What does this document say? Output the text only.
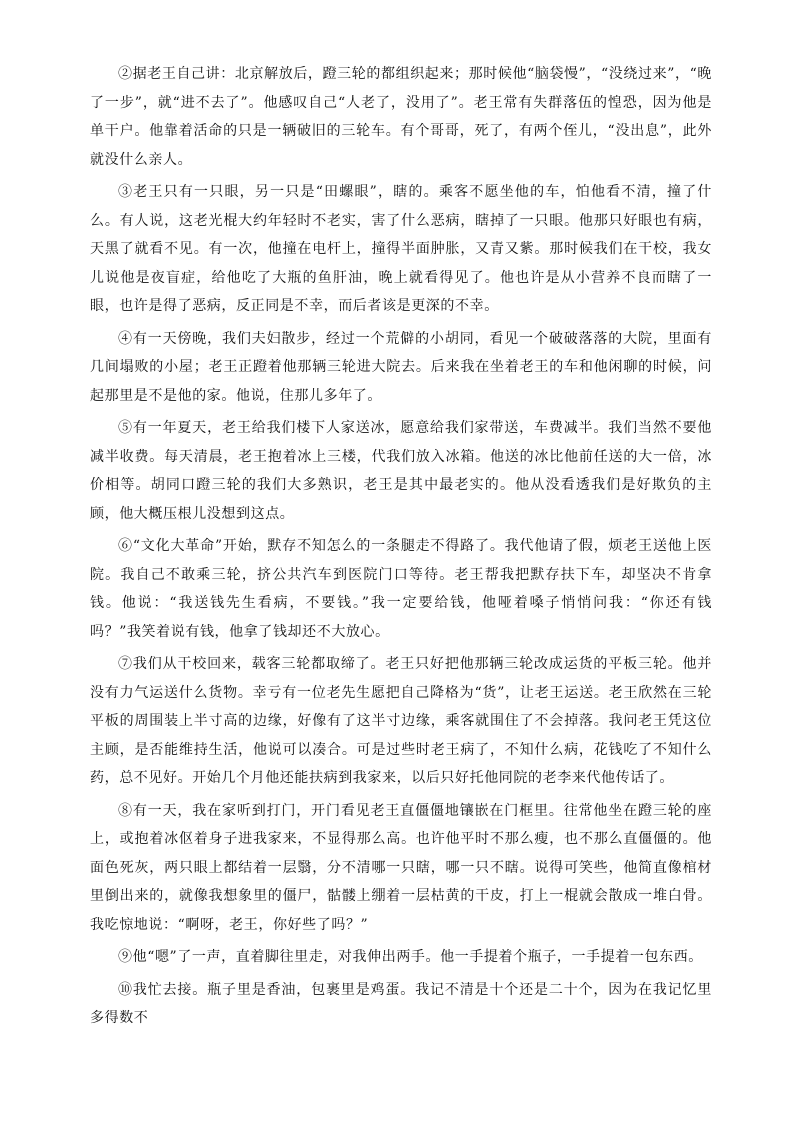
②据老王自己讲：北京解放后，蹬三轮的都组织起来；那时候他“脑袋慢”，“没绕过来”，“晚了一步”，就“进不去了”。他感叹自己“人老了，没用了”。老王常有失群落伍的惶恐，因为他是单干户。他靠着活命的只是一辆破旧的三轮车。有个哥哥，死了，有两个侄儿，“没出息”，此外就没什么亲人。

③老王只有一只眼，另一只是“田螺眼”，瞎的。乘客不愿坐他的车，怕他看不清，撞了什么。有人说，这老光棍大约年轻时不老实，害了什么恶病，瞎掉了一只眼。他那只好眼也有病，天黑了就看不见。有一次，他撞在电杆上，撞得半面肿胀，又青又紫。那时候我们在干校，我女儿说他是夜盲症，给他吃了大瓶的鱼肝油，晚上就看得见了。他也许是从小营养不良而瞎了一眼，也许是得了恶病，反正同是不幸，而后者该是更深的不幸。

④有一天傍晚，我们夫妇散步，经过一个荒僻的小胡同，看见一个破破落落的大院，里面有几间塌败的小屋；老王正蹬着他那辆三轮进大院去。后来我在坐着老王的车和他闲聊的时候，问起那里是不是他的家。他说，住那儿多年了。

⑤有一年夏天，老王给我们楼下人家送冰，愿意给我们家带送，车费减半。我们当然不要他减半收费。每天清晨，老王抱着冰上三楼，代我们放入冰箱。他送的冰比他前任送的大一倍，冰价相等。胡同口蹬三轮的我们大多熟识，老王是其中最老实的。他从没看透我们是好欺负的主顾，他大概压根儿没想到这点。

⑥“文化大革命”开始，默存不知怎么的一条腿走不得路了。我代他请了假，烦老王送他上医院。我自己不敢乘三轮，挤公共汽车到医院门口等待。老王帮我把默存扶下车，却坚决不肯拿钱。他说：“我送钱先生看病，不要钱。”我一定要给钱，他哑着嗓子悄悄问我：“你还有钱吗？”我笑着说有钱，他拿了钱却还不大放心。

⑦我们从干校回来，载客三轮都取缔了。老王只好把他那辆三轮改成运货的平板三轮。他并没有力气运送什么货物。幸亏有一位老先生愿把自己降格为“货”，让老王运送。老王欣然在三轮平板的周围装上半寸高的边缘，好像有了这半寸边缘，乘客就围住了不会掉落。我问老王凭这位主顾，是否能维持生活，他说可以凑合。可是过些时老王病了，不知什么病，花钱吃了不知什么药，总不见好。开始几个月他还能扶病到我家来，以后只好托他同院的老李来代他传话了。

⑧有一天，我在家听到打门，开门看见老王直僵僵地镶嵌在门框里。往常他坐在蹬三轮的座上，或抱着冰伛着身子进我家来，不显得那么高。也许他平时不那么瘦，也不那么直僵僵的。他面色死灰，两只眼上都结着一层翳，分不清哪一只瞎，哪一只不瞎。说得可笑些，他简直像棺材里倒出来的，就像我想象里的僵尸，骷髅上绷着一层枯黄的干皮，打上一棍就会散成一堆白骨。我吃惊地说：“啊呀，老王，你好些了吗？”

⑨他“嗯”了一声，直着脚往里走，对我伸出两手。他一手提着个瓶子，一手提着一包东西。

⑩我忙去接。瓶子里是香油，包裹里是鸡蛋。我记不清是十个还是二十个，因为在我记忆里多得数不
